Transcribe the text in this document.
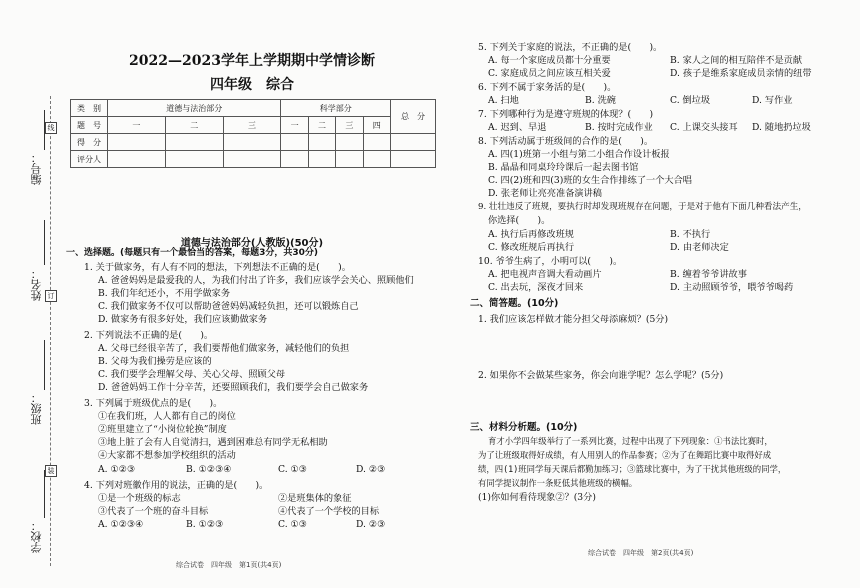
线
订
装
编号：
姓名：
班级：
学校：
2022—2023学年上学期期中学情诊断
四年级　综合
类　别	道德与法治部分			科学部分				总　分
题　号	一	二	三	一	二	三	四	
得　分								
评分人								
道德与法治部分(人教版)(50分)
一、选择题。(每题只有一个最恰当的答案，每题3分，共30分)
1. 关于做家务，有人有不同的想法，下列想法不正确的是(　　)。
A. 爸爸妈妈是最爱我的人，为我们付出了许多，我们应该学会关心、照顾他们
B. 我们年纪还小，不用学做家务
C. 我们做家务不仅可以帮助爸爸妈妈减轻负担，还可以锻炼自己
D. 做家务有很多好处，我们应该勤做家务
2. 下列说法不正确的是(　　)。
A. 父母已经很辛苦了，我们要帮他们做家务，减轻他们的负担
B. 父母为我们操劳是应该的
C. 我们要学会理解父母、关心父母、照顾父母
D. 爸爸妈妈工作十分辛苦，还要照顾我们，我们要学会自己做家务
3. 下列属于班级优点的是(　　)。
①在我们班，人人都有自己的岗位
②班里建立了“小岗位轮换”制度
③地上脏了会有人自觉清扫，遇到困难总有同学无私相助
④大家都不想参加学校组织的活动
A. ①②③	B. ①②③④	C. ①③	D. ②③
4. 下列对班徽作用的说法，正确的是(　　)。
①是一个班级的标志	②是班集体的象征
③代表了一个班的奋斗目标	④代表了一个学校的目标
A. ①②③④	B. ①②③	C. ①③	D. ②③
综合试卷　四年级　第1页(共4页)
5. 下列关于家庭的说法，不正确的是(　　)。
A. 每一个家庭成员都十分重要	B. 家人之间的相互陪伴不是贡献
C. 家庭成员之间应该互相关爱	D. 孩子是维系家庭成员亲情的纽带
6. 下列不属于家务活的是(　　)。
A. 扫地	B. 洗碗	C. 倒垃圾	D. 写作业
7. 下列哪种行为是遵守班规的体现？(　　)
A. 迟到、早退	B. 按时完成作业 C. 上课交头接耳 D. 随地扔垃圾
8. 下列活动属于班级间的合作的是(　　)。
A. 四(1)班第一小组与第二小组合作设计板报
B. 晶晶和同桌玲玲课后一起去图书馆
C. 四(2)班和四(3)班的女生合作排练了一个大合唱
D. 张老师让亮亮准备演讲稿
9. 壮壮违反了班规，要执行时却发现班规存在问题，于是对于他有下面几种看法产生，
你选择(　　)。
A. 执行后再修改班规	B. 不执行
C. 修改班规后再执行	D. 由老师决定
10. 爷爷生病了，小明可以(　　)。
A. 把电视声音调大看动画片	B. 缠着爷爷讲故事
C. 出去玩，深夜才回来	D. 主动照顾爷爷，喂爷爷喝药
二、简答题。(10分)
1. 我们应该怎样做才能分担父母添麻烦？(5分)
2. 如果你不会做某些家务，你会向谁学呢？怎么学呢？(5分)
三、材料分析题。(10分)
育才小学四年级举行了一系列比赛，过程中出现了下列现象：①书法比赛时，
为了让班级取得好成绩，有人用别人的作品参赛；②为了在舞蹈比赛中取得好成
绩，四(1)班同学每天课后都勤加练习；③篮球比赛中，为了干扰其他班级的同学，
有同学提议制作一条贬低其他班级的横幅。
(1)你如何看待现象②？(3分)
综合试卷　四年级　第2页(共4页)
